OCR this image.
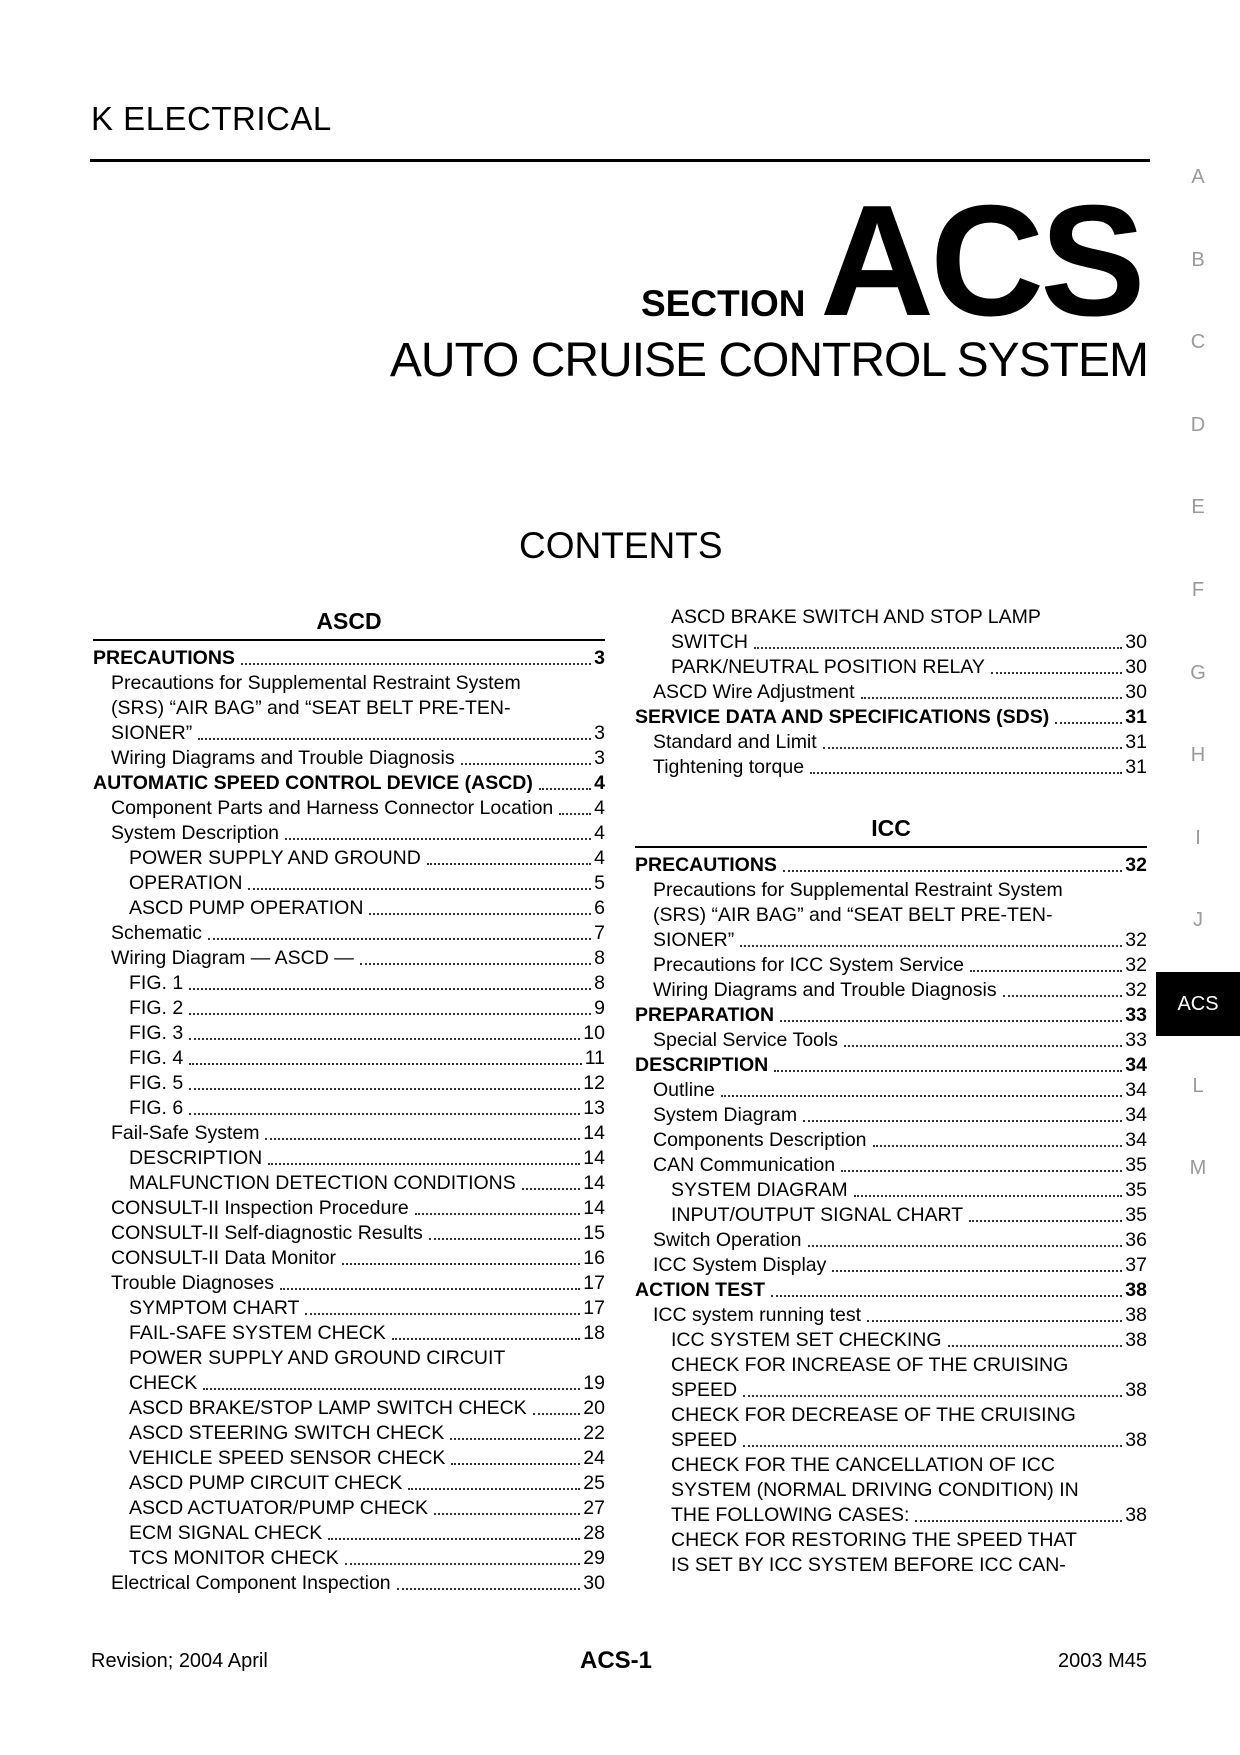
K ELECTRICAL
SECTION ACS
AUTO CRUISE CONTROL SYSTEM
CONTENTS
A
B
C
D
E
F
G
H
I
J
ACS
L
M
ASCD
PRECAUTIONS	3
Precautions for Supplemental Restraint System
(SRS) “AIR BAG” and “SEAT BELT PRE-TEN-
SIONER”	3
Wiring Diagrams and Trouble Diagnosis	3
AUTOMATIC SPEED CONTROL DEVICE (ASCD)	4
Component Parts and Harness Connector Location 4
System Description	4
POWER SUPPLY AND GROUND	4
OPERATION	5
ASCD PUMP OPERATION	6
Schematic	7
Wiring Diagram — ASCD —	8
FIG. 1	8
FIG. 2	9
FIG. 3	10
FIG. 4	11
FIG. 5	12
FIG. 6	13
Fail-Safe System	14
DESCRIPTION	14
MALFUNCTION DETECTION CONDITIONS	14
CONSULT-II Inspection Procedure	14
CONSULT-II Self-diagnostic Results	15
CONSULT-II Data Monitor	16
Trouble Diagnoses	17
SYMPTOM CHART	17
FAIL-SAFE SYSTEM CHECK	18
POWER SUPPLY AND GROUND CIRCUIT
CHECK	19
ASCD BRAKE/STOP LAMP SWITCH CHECK	20
ASCD STEERING SWITCH CHECK	22
VEHICLE SPEED SENSOR CHECK	24
ASCD PUMP CIRCUIT CHECK	25
ASCD ACTUATOR/PUMP CHECK	27
ECM SIGNAL CHECK	28
TCS MONITOR CHECK	29
Electrical Component Inspection	30
ASCD BRAKE SWITCH AND STOP LAMP
SWITCH	30
PARK/NEUTRAL POSITION RELAY	30
ASCD Wire Adjustment	30
SERVICE DATA AND SPECIFICATIONS (SDS)	31
Standard and Limit	31
Tightening torque	31
ICC
PRECAUTIONS	32
Precautions for Supplemental Restraint System
(SRS) “AIR BAG” and “SEAT BELT PRE-TEN-
SIONER”	32
Precautions for ICC System Service	32
Wiring Diagrams and Trouble Diagnosis	32
PREPARATION	33
Special Service Tools	33
DESCRIPTION	34
Outline	34
System Diagram	34
Components Description	34
CAN Communication	35
SYSTEM DIAGRAM	35
INPUT/OUTPUT SIGNAL CHART	35
Switch Operation	36
ICC System Display	37
ACTION TEST	38
ICC system running test	38
ICC SYSTEM SET CHECKING	38
CHECK FOR INCREASE OF THE CRUISING
SPEED	38
CHECK FOR DECREASE OF THE CRUISING
SPEED	38
CHECK FOR THE CANCELLATION OF ICC
SYSTEM (NORMAL DRIVING CONDITION) IN
THE FOLLOWING CASES:	38
CHECK FOR RESTORING THE SPEED THAT
IS SET BY ICC SYSTEM BEFORE ICC CAN-
Revision; 2004 April	ACS-1	2003 M45
